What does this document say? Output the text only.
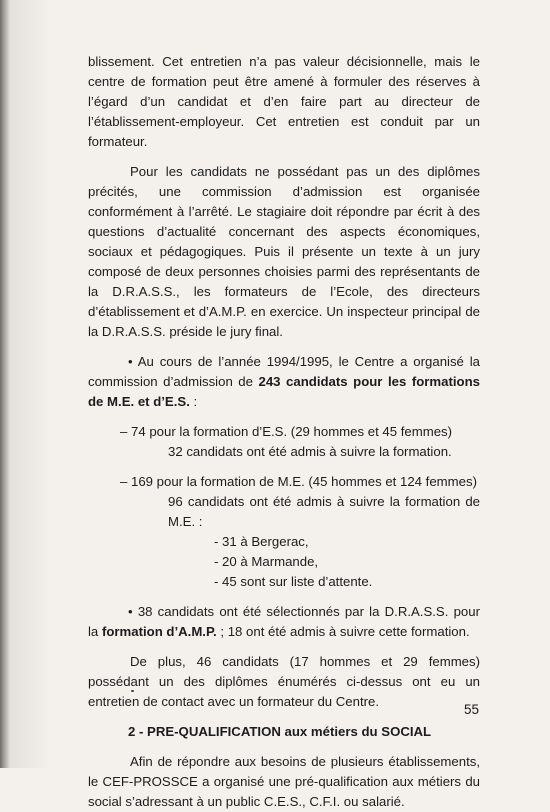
blissement. Cet entretien n’a pas valeur décisionnelle, mais le centre de formation peut être amené à formuler des réserves à l’égard d’un candidat et d’en faire part au directeur de l’établissement-employeur. Cet entretien est conduit par un formateur.

Pour les candidats ne possédant pas un des diplômes précités, une commission d’admission est organisée conformément à l’arrêté. Le stagiaire doit répondre par écrit à des questions d’actualité concernant des aspects économiques, sociaux et pédagogiques. Puis il présente un texte à un jury composé de deux personnes choisies parmi des représentants de la D.R.A.S.S., les formateurs de l’Ecole, des directeurs d’établissement et d’A.M.P. en exercice. Un inspecteur principal de la D.R.A.S.S. préside le jury final.

• Au cours de l’année 1994/1995, le Centre a organisé la commission d’admission de 243 candidats pour les formations de M.E. et d’E.S. :

– 74 pour la formation d’E.S. (29 hommes et 45 femmes)

32 candidats ont été admis à suivre la formation.

– 169 pour la formation de M.E. (45 hommes et 124 femmes)

96 candidats ont été admis à suivre la formation de M.E. :

- 31 à Bergerac,

- 20 à Marmande,

- 45 sont sur liste d’attente.

• 38 candidats ont été sélectionnés par la D.R.A.S.S. pour la formation d’A.M.P. ; 18 ont été admis à suivre cette formation.

De plus, 46 candidats (17 hommes et 29 femmes) possédant un des diplômes énumérés ci-dessus ont eu un entretien de contact avec un formateur du Centre.

2 - PRE-QUALIFICATION aux métiers du SOCIAL

Afin de répondre aux besoins de plusieurs établissements, le CEF-PROSSCE a organisé une pré-qualification aux métiers du social s’adressant à un public C.E.S., C.F.I. ou salarié.

55
